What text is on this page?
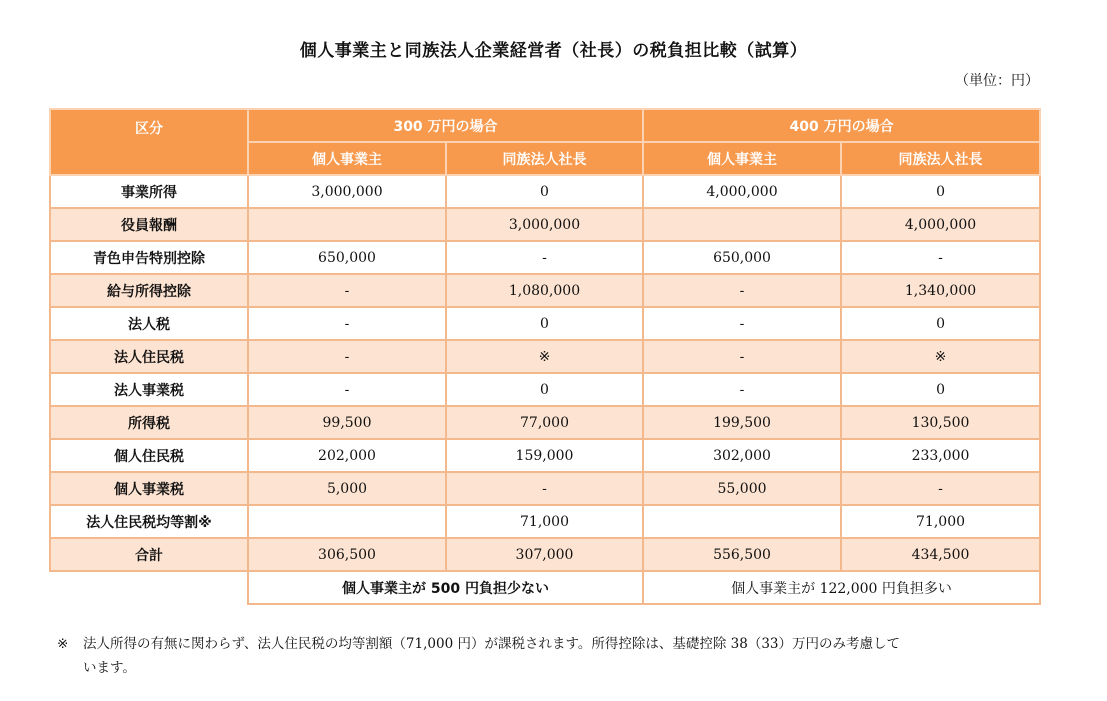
個人事業主と同族法人企業経営者（社長）の税負担比較（試算）
（単位：円）
区分	300 万円の場合		400 万円の場合	
	個人事業主	同族法人社長	個人事業主	同族法人社長
事業所得	3,000,000	0	4,000,000	0
役員報酬		3,000,000		4,000,000
青色申告特別控除	650,000	-	650,000	-
給与所得控除	-	1,080,000	-	1,340,000
法人税	-	0	-	0
法人住民税	-	※	-	※
法人事業税	-	0	-	0
所得税	99,500	77,000	199,500	130,500
個人住民税	202,000	159,000	302,000	233,000
個人事業税	5,000	-	55,000	-
法人住民税均等割※		71,000		71,000
合計	306,500	307,000	556,500	434,500
	個人事業主が 500 円負担少ない		個人事業主が 122,000 円負担多い	
※ 法人所得の有無に関わらず、法人住民税の均等割額（71,000 円）が課税されます。所得控除は、基礎控除 38（33）万円のみ考慮して
います。
